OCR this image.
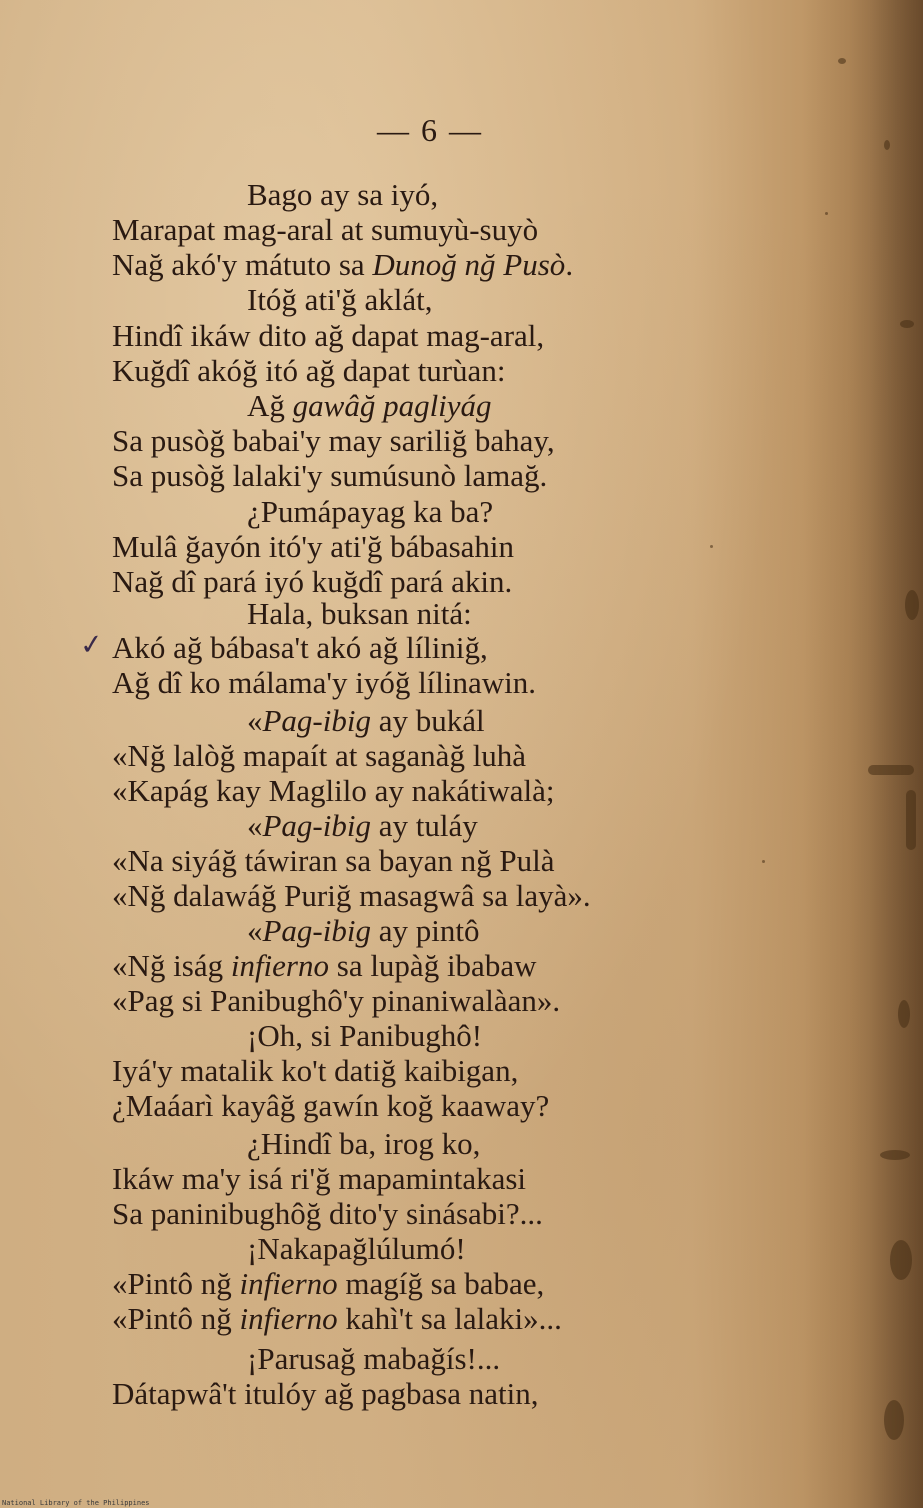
— 6 —
Bago ay sa iyó,
Marapat mag-aral at sumuyù-suyò
Nağ akó'y mátuto sa Dunoğ nğ Pusò.
Itóğ ati'ğ aklát,
Hindî ikáw dito ağ dapat mag-aral,
Kuğdî akóğ itó ağ dapat turùan:
Ağ gawâğ pagliyág
Sa pusòğ babai'y may sariliğ bahay,
Sa pusòğ lalaki'y sumúsunò lamağ.
¿Pumápayag ka ba?
Mulâ ğayón itó'y ati'ğ bábasahin
Nağ dî pará iyó kuğdî pará akin.
Hala, buksan nitá:
✓ Akó ağ bábasa't akó ağ líliniğ,
Ağ dî ko málama'y iyóğ lílinawin.
«Pag-ibig ay bukál
«Nğ lalòğ mapaít at saganàğ luhà
«Kapág kay Maglilo ay nakátiwalà;
«Pag-ibig ay tuláy
«Na siyáğ táwiran sa bayan nğ Pulà
«Nğ dalawáğ Puriğ masagwâ sa layà».
«Pag-ibig ay pintô
«Nğ iság infierno sa lupàğ ibabaw
«Pag si Panibughô'y pinaniwalàan».
¡Oh, si Panibughô!
Iyá'y matalik ko't datiğ kaibigan,
¿Maáarì kayâğ gawín koğ kaaway?
¿Hindî ba, irog ko,
Ikáw ma'y isá ri'ğ mapamintakasi
Sa paninibughôğ dito'y sinásabi?...
¡Nakapağlúlumó!
«Pintô nğ infierno magíğ sa babae,
«Pintô nğ infierno kahì't sa lalaki»...
¡Parusağ mabağís!...
Dátapwâ't itulóy ağ pagbasa natin,
National Library of the Philippines
